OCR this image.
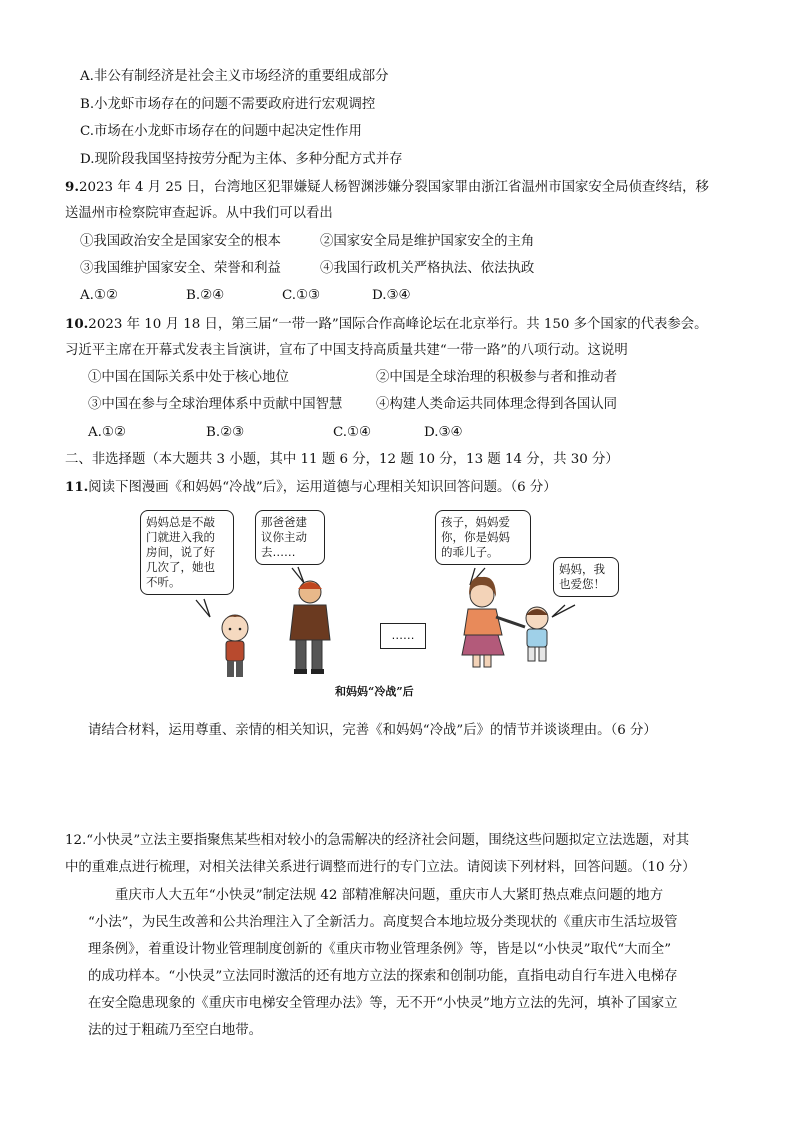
A.非公有制经济是社会主义市场经济的重要组成部分
B.小龙虾市场存在的问题不需要政府进行宏观调控
C.市场在小龙虾市场存在的问题中起决定性作用
D.现阶段我国坚持按劳分配为主体、多种分配方式并存
9.2023 年 4 月 25 日，台湾地区犯罪嫌疑人杨智渊涉嫌分裂国家罪由浙江省温州市国家安全局侦查终结，移
送温州市检察院审查起诉。从中我们可以看出
①我国政治安全是国家安全的根本	②国家安全局是维护国家安全的主角
③我国维护国家安全、荣誉和利益	④我国行政机关严格执法、依法执政
A.①②	B.②④	C.①③	D.③④
10.2023 年 10 月 18 日，第三届“一带一路”国际合作高峰论坛在北京举行。共 150 多个国家的代表参会。
习近平主席在开幕式发表主旨演讲，宣布了中国支持高质量共建“一带一路”的八项行动。这说明
①中国在国际关系中处于核心地位	②中国是全球治理的积极参与者和推动者
③中国在参与全球治理体系中贡献中国智慧	④构建人类命运共同体理念得到各国认同
A.①②	B.②③	C.①④	D.③④
二、非选择题（本大题共 3 小题，其中 11 题 6 分，12 题 10 分，13 题 14 分，共 30 分）
11.阅读下图漫画《和妈妈“冷战”后》，运用道德与心理相关知识回答问题。（6 分）
妈妈总是不敲
门就进入我的
房间，说了好
几次了，她也
不听。
那爸爸建
议你主动
去……
孩子，妈妈爱
你，你是妈妈
的乖儿子。
妈妈，我
也爱您！
……
和妈妈“冷战”后
请结合材料，运用尊重、亲情的相关知识，完善《和妈妈“冷战”后》的情节并谈谈理由。（6 分）
12.“小快灵”立法主要指聚焦某些相对较小的急需解决的经济社会问题，围绕这些问题拟定立法选题，对其
中的重难点进行梳理，对相关法律关系进行调整而进行的专门立法。请阅读下列材料，回答问题。（10 分）
重庆市人大五年“小快灵”制定法规 42 部精准解决问题，重庆市人大紧盯热点难点问题的地方
“小法”，为民生改善和公共治理注入了全新活力。高度契合本地垃圾分类现状的《重庆市生活垃圾管
理条例》，着重设计物业管理制度创新的《重庆市物业管理条例》等，皆是以“小快灵”取代“大而全”
的成功样本。“小快灵”立法同时激活的还有地方立法的探索和创制功能，直指电动自行车进入电梯存
在安全隐患现象的《重庆市电梯安全管理办法》等，无不开“小快灵”地方立法的先河，填补了国家立
法的过于粗疏乃至空白地带。
